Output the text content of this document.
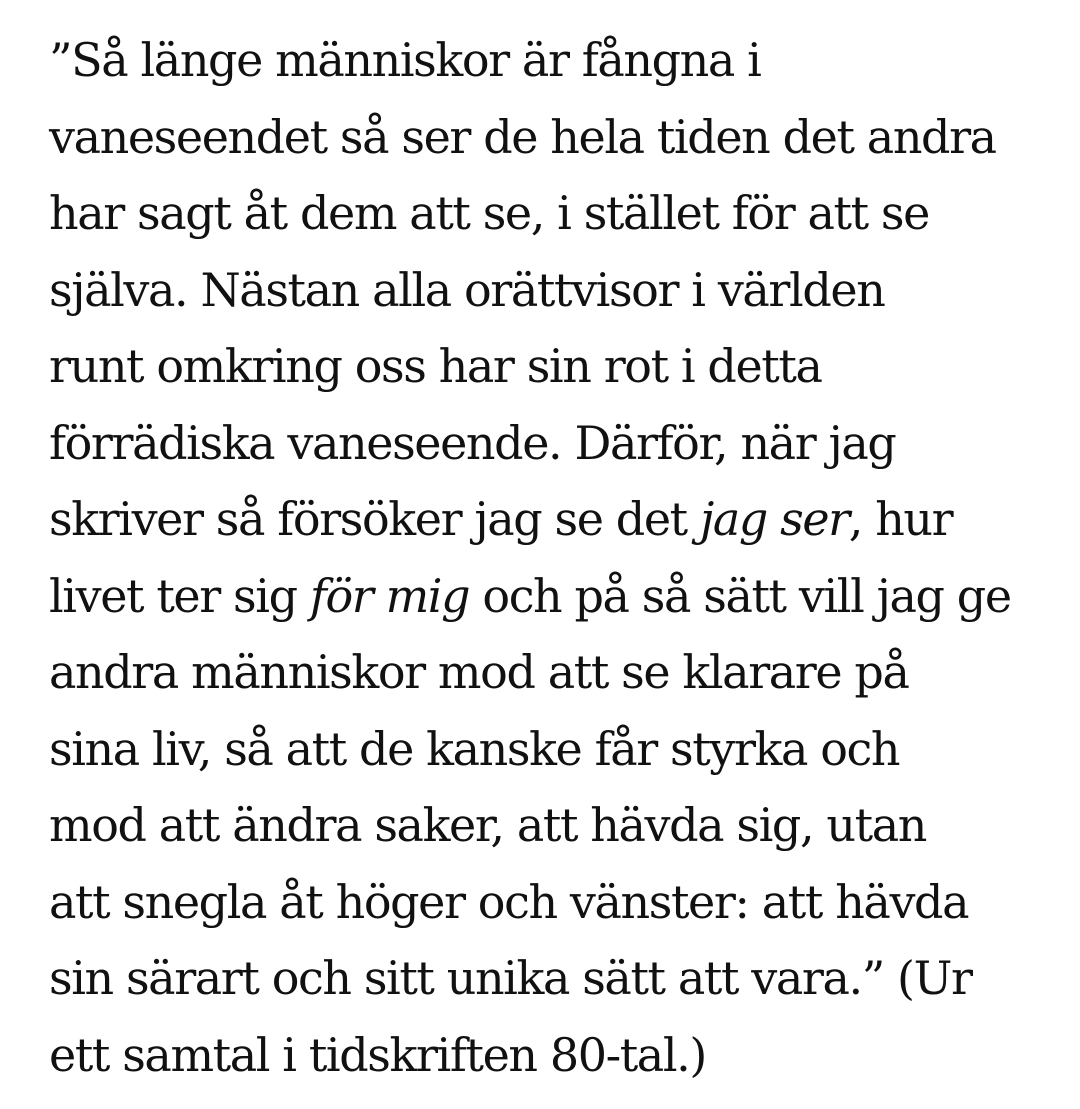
”Så länge människor är fångna i
vaneseendet så ser de hela tiden det andra
har sagt åt dem att se, i stället för att se
själva. Nästan alla orättvisor i världen
runt omkring oss har sin rot i detta
förrädiska vaneseende. Därför, när jag
skriver så försöker jag se det jag ser, hur
livet ter sig för mig och på så sätt vill jag ge
andra människor mod att se klarare på
sina liv, så att de kanske får styrka och
mod att ändra saker, att hävda sig, utan
att snegla åt höger och vänster: att hävda
sin särart och sitt unika sätt att vara.” (Ur
ett samtal i tidskriften 80-tal.)
